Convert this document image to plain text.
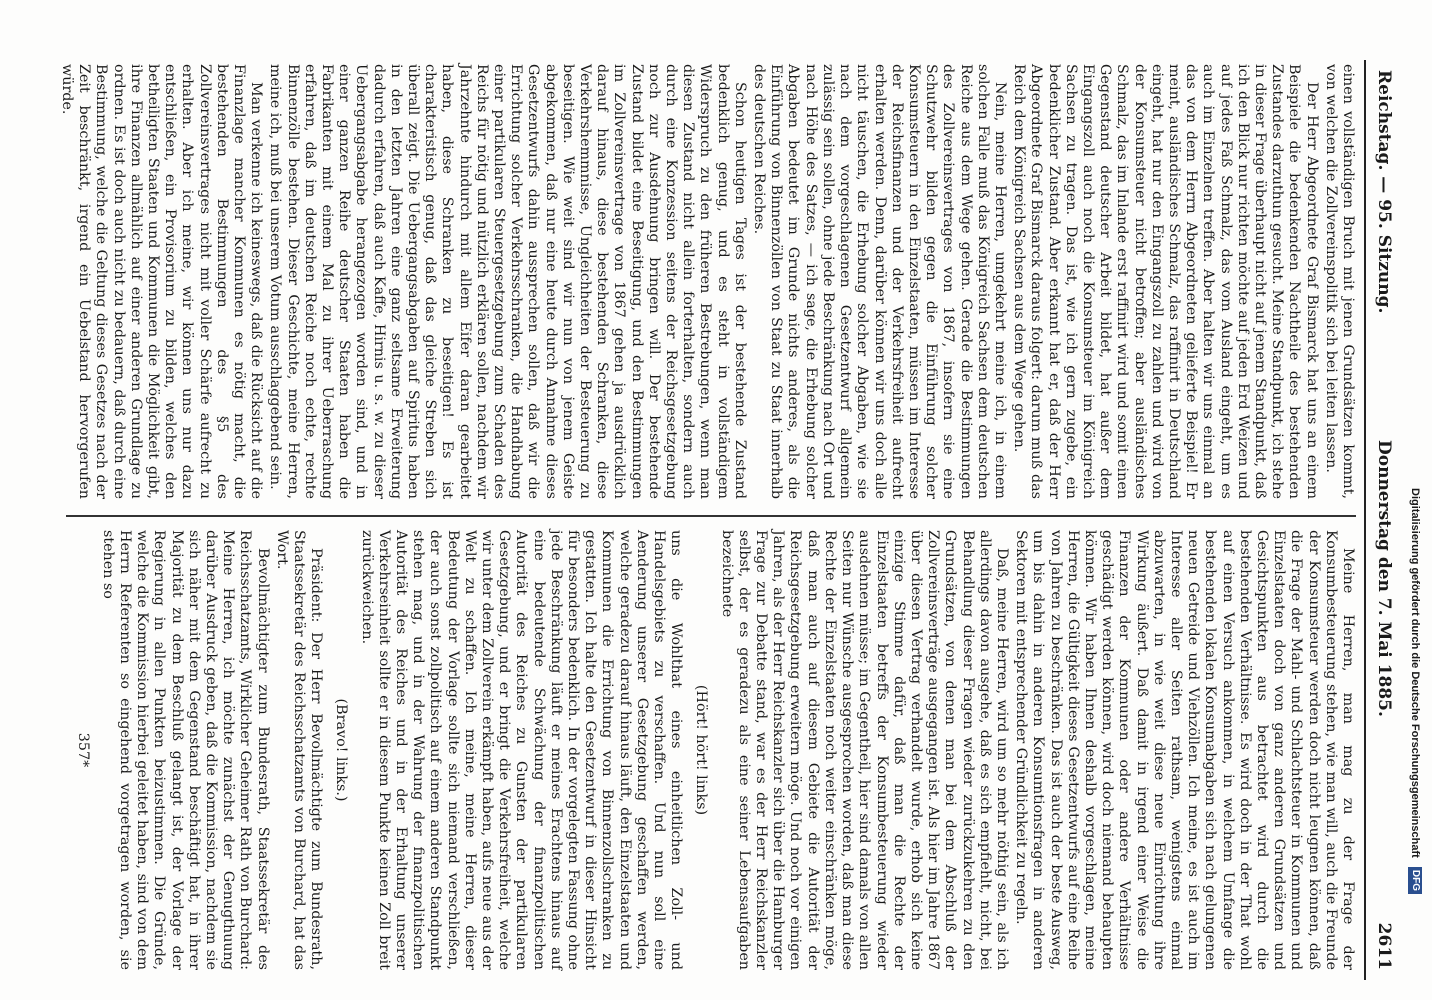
Reichstag. — 95. Sitzung.
Donnerstag den 7. Mai 1885.
2611

einen vollständigen Bruch mit jenen Grundsätzen kommt, von welchen die Zollvereinspolitik sich bei leiten lassen.

Der Herr Abgeordnete Graf Bismarck hat uns an einem Beispiele die bedenkenden Nachtheile des bestehenden Zustandes darzuthun gesucht. Meine Standpunkt, ich stehe in dieser Frage überhaupt nicht auf jenem Standpunkt, daß ich den Blick nur richten möchte auf jeden Erd Weizen und auf jedes Faß Schmalz, das vom Ausland eingeht, um es auch im Einzelnen treffen. Aber halten wir uns einmal an das von dem Herrn Abgeordneten gelieferte Beispiel! Er meint, ausländisches Schmalz, das raffinirt in Deutschland eingeht, hat nur den Eingangszoll zu zahlen und wird von der Konsumsteuer nicht betroffen; aber ausländisches Schmalz, das im Inlande erst raffinirt wird und somit einen Gegenstand deutscher Arbeit bildet, hat außer dem Eingangszoll auch noch die Konsumsteuer im Königreich Sachsen zu tragen. Das ist, wie ich gern zugebe, ein bedenklicher Zustand. Aber erkannt hat er, daß der Herr Abgeordnete Graf Bismarck daraus folgert: darum muß das Reich dem Königreich Sachsen aus dem Wege gehen.

Nein, meine Herren, umgekehrt meine ich, in einem solchen Falle muß das Königreich Sachsen dem deutschen Reiche aus dem Wege gehen. Gerade die Bestimmungen des Zollvereinsvertrages von 1867, insofern sie eine Schutzwehr bilden gegen die Einführung solcher Konsumsteuern in den Einzelstaaten, müssen im Interesse der Reichsfinanzen und der Verkehrsfreiheit aufrecht erhalten werden. Denn, darüber können wir uns doch alle nicht täuschen, die Erhebung solcher Abgaben, wie sie nach dem vorgeschlagenen Gesetzentwurf allgemein zulässig sein sollen, ohne jede Beschränkung nach Ort und nach Höhe des Satzes, — ich sage, die Erhebung solcher Abgaben bedeutet im Grunde nichts anderes, als die Einführung von Binnenzöllen von Staat zu Staat innerhalb des deutschen Reiches.

Schon heutigen Tages ist der bestehende Zustand bedenklich genug, und es steht in vollständigem Widerspruch zu den früheren Bestrebungen, wenn man diesen Zustand nicht allein forterhalten, sondern auch durch eine Konzession seitens der Reichsgesetzgebung noch zur Ausdehnung bringen will. Der bestehende Zustand bildet eine Beseitigung, und den Bestimmungen im Zollvereinsvertrage von 1867 gehen ja ausdrücklich darauf hinaus, diese bestehenden Schranken, diese Verkehrshemmnisse, Ungleichheiten der Besteuerung zu beseitigen. Wie weit sind wir nun von jenem Geiste abgekommen, daß nur eine heute durch Annahme dieses Gesetzentwurfs dahin aussprechen sollen, daß wir die Errichtung solcher Verkehrsschranken, die Handhabung einer partikularen Steuergesetzgebung zum Schaden des Reichs für nötig und nützlich erklären sollen, nachdem wir Jahrzehnte hindurch mit allem Eifer daran gearbeitet haben, diese Schranken zu beseitigen! Es ist charakteristisch genug, daß das gleiche Streben sich überall zeigt. Die Uebergangsabgaben auf Spiritus haben in den letzten Jahren eine ganz seltsame Erweiterung dadurch erfahren, daß auch Kaffe, Hirnis u. s. w. zu dieser Uebergangsabgabe herangezogen worden sind, und in einer ganzen Reihe deutscher Staaten haben die Fabrikanten mit einem Mal zu ihrer Ueberraschung erfahren, daß im deutschen Reiche noch echte, rechte Binnenzölle bestehen. Dieser Geschichte, meine Herren, meine ich, muß bei unserem Votum ausschlaggebend sein.

Man verkenne ich keineswegs, daß die Rücksicht auf die Finanzlage mancher Kommunen es nötig macht, die bestehenden Bestimmungen des §5 des Zollvereinsvertrages nicht mit voller Schärfe aufrecht zu erhalten. Aber ich meine, wir können uns nur dazu entschließen, ein Provisorium zu bilden, welches den betheiligten Staaten und Kommunen die Möglichkeit gibt, ihre Finanzen allmählich auf einer anderen Grundlage zu ordnen. Es ist doch auch nicht zu bedauern, daß durch eine Bestimmung, welche die Geltung dieses Gesetzes nach der Zeit beschränkt, irgend ein Uebelstand hervorgerufen würde.

Meine Herren, man mag zu der Frage der Konsumbesteuerung stehen, wie man will, auch die Freunde der Konsumsteuer werden doch nicht leugnen können, daß die Frage der Mahl- und Schlachtsteuer in Kommunen und Einzelstaaten doch von ganz anderen Grundsätzen und Gesichtspunkten aus betrachtet wird durch die bestehenden Verhältnisse. Es wird doch in der That wohl auf einen Versuch ankommen, in welchem Umfange die bestehenden lokalen Konsumabgaben sich nach gelungenen neuen Getreide und Viehzöllen. Ich meine, es ist auch im Interesse aller Seiten rathsam, wenigstens einmal abzuwarten, in wie weit diese neue Einrichtung ihre Wirkung äußert. Daß damit in irgend einer Weise die Finanzen der Kommunen oder andere Verhältnisse geschädigt werden können, wird doch niemand behaupten können. Wir haben Ihnen deshalb vorgeschlagen, meine Herren, die Gültigkeit dieses Gesetzentwurfs auf eine Reihe von Jahren zu beschränken. Das ist auch der beste Ausweg, um bis dahin in anderen Konsumtionsfragen in anderen Sektoren mit entsprechender Gründlichkeit zu regeln.

Daß, meine Herren, wird um so mehr nöthig sein, als ich allerdings davon ausgehe, daß es sich empfiehlt, nicht, bei Behandlung dieser Fragen wieder zurückzukehren zu den Grundsätzen, von denen man bei dem Abschluß der Zollvereinsverträge ausgegangen ist. Als hier im Jahre 1867 über diesen Vertrag verhandelt wurde, erhob sich keine einzige Stimme dafür, daß man die Rechte der Einzelstaaten betreffs der Konsumbesteuerung wieder ausdehnen müsse; im Gegentheil, hier sind damals von allen Seiten nur Wünsche ausgesprochen worden, daß man diese Rechte der Einzelstaaten noch weiter einschränken möge, daß man auch auf diesem Gebiete die Autorität der Reichsgesetzgebung erweitern möge. Und noch vor einigen Jahren, als der Herr Reichskanzler sich über die Hamburger Frage zur Debatte stand, war es der Herr Reichskanzler selbst, der es geradezu als eine seiner Lebensaufgaben bezeichnete

(Hört! hört! links)

uns die Wohlthat eines einheitlichen Zoll- und Handelsgebiets zu verschaffen. Und nun soll eine Aenderung unserer Gesetzgebung geschaffen werden, welche geradezu darauf hinaus läuft, den Einzelstaaten und Kommunen die Errichtung von Binnenzollschranken zu gestatten. Ich halte den Gesetzentwurf in dieser Hinsicht für besonders bedenklich. In der vorgelegten Fassung ohne jede Beschränkung läuft er meines Erachtens hinaus auf eine bedeutende Schwächung der finanzpolitischen Autorität des Reiches zu Gunsten der partikularen Gesetzgebung, und er bringt die Verkehrsfreiheit, welche wir unter dem Zollverein erkämpft haben, aufs neue aus der Welt zu schaffen. Ich meine, meine Herren, dieser Bedeutung der Vorlage sollte sich niemand verschließen, der auch sonst zollpolitisch auf einem anderen Standpunkt stehen mag, und in der Wahrung der finanzpolitischen Autorität des Reiches und in der Erhaltung unserer Verkehrseinheit sollte er in diesem Punkte keinen Zoll breit zurückweichen.

(Bravo! links.)

Präsident: Der Herr Bevollmächtigte zum Bundesrath, Staatssekretär des Reichsschatzamts von Burchard, hat das Wort.

Bevollmächtigter zum Bundesrath, Staatssekretär des Reichsschatzamts, Wirklicher Geheimer Rath von Burchard: Meine Herren, ich möchte zunächst der Genugthuung darüber Ausdruck geben, daß die Kommission, nachdem sie sich näher mit dem Gegenstand beschäftigt hat, in ihrer Majorität zu dem Beschluß gelangt ist, der Vorlage der Regierung in allen Punkten beizustimmen. Die Gründe, welche die Kommission hierbei geleitet haben, sind von dem Herrn Referenten so eingehend vorgetragen worden, sie stehen so

357*	Digitalisierung gefördert durch die Deutsche Forschungsgemeinschaft DFG
